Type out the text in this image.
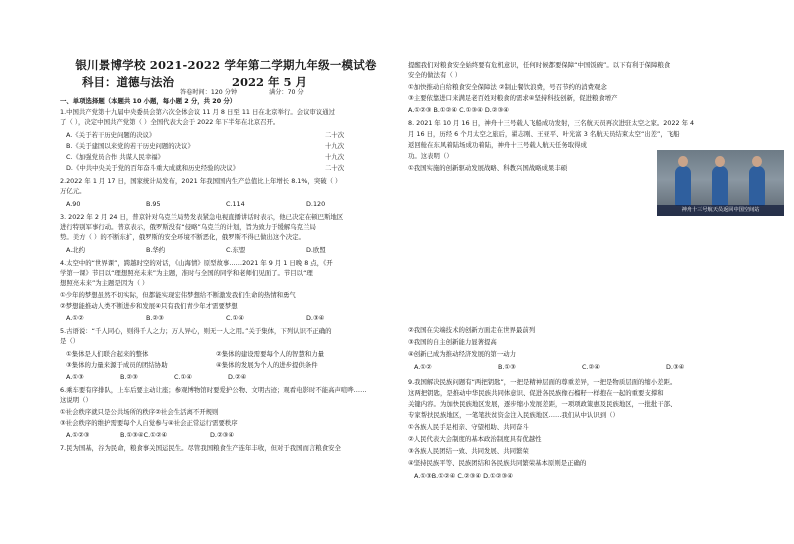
银川景博学校 2021-2022 学年第二学期九年级一模试卷
科目：道德与法治	2022 年 5 月
答卷时间：120 分钟	满分：70 分
一、单项选择题（本题共 10 小题，每小题 2 分，共 20 分）
1.中国共产党第十九届中央委员会第六次全体会议 11 月 8 日至 11 日在北京举行。会议审议通过
了（ ），决定中国共产党第（ ）全国代表大会于 2022 年下半年在北京召开。
A.《关于若干历史问题的决议》	二十次
B.《关于建国以来党的若干历史问题的决议》	十九次
C.《加强党员合作 共谋人民幸福》	十九次
D.《中共中央关于党的百年奋斗重大成就和历史经验的决议》	二十次
2.2022 年 1 月 17 日，国家统计局发布，2021 年我国国内生产总值比上年增长 8.1%，突破（ ）
万亿元。
A.90	B.95	C.114	D.120
3. 2022 年 2 月 24 日，普京针对乌克兰局势发表紧急电视直播讲话时表示，他已决定在顿巴斯地区
进行特别军事行动。普京表示，俄罗斯没有“侵略”乌克兰的计划，旨为致力于缓解乌克兰局
势。美方（ ）的不断东扩，俄罗斯的安全环境不断恶化，俄罗斯不得已做出这个决定。
A.北约	B.华约	C.东盟	D.欧盟
4.太空中的“世界课”，跨越时空的对话，《山海情》原型故事……2021 年 9 月 1 日晚 8 点，《开
学第一课》节目以“理想照亮未来”为主题，准时与全国的同学和老师们见面了。节目以“理
想照亮未来”为主题是因为（ ）
①少年的梦想虽然不切实际，但都能实现宏伟梦想给不断激发我们生命的热情和勇气
②梦想能推动人类不断进步和发展④只有我们青少年才需要梦想
A.①②	B.②③	C.①④	D.③④
5.古语说：“千人同心，则得千人之力；万人异心，则无一人之用。”关于集体，下列认识不正确的
是（）
①集体是人们联合起来的整体	②集体的建设需要每个人的智慧和力量
③集体的力量来源于成员的团结协助	④集体的发展为个人的进步提供条件
A.①③	B.②③	C.①④	D.②④
6.乘车要有序排队，上车后要主动让座；参观博物馆时要爱护公物、文明古迹；观看电影时不能高声喧哗……
这说明（）
①社会秩序就只是公共场所的秩序②社会生活离不开规则
③社会秩序的维护需要每个人自觉参与④社会正常运行需要秩序
A.①②③	B.①③④C.①②④	D.②③④
7.民为国基，谷为民命，粮食事关国运民生。尽管我国粮食生产连年丰收，但对于我国而言粮食安全
提醒我们对粮食安全始终要有危机意识，任何时候都要保障“中国饭碗”。以下有利于保障粮食
安全的做法有（ ）
①加快推动自给粮食安全保障法 ②制止餐饮浪费，号召节约的消费观念
③主要依靠进口来满足老百姓对粮食的需求④坚持科技创新，促进粮食增产
A.①②③ B.①②④ C.①③④ D.②③④
8. 2021 年 10 月 16 日，神舟十三号载人飞船成功发射，三名航天员再次进驻太空之家。2022 年 4
月 16 日，历经 6 个月太空之旅后，翟志刚、王亚平、叶光富 3 名航天员结束太空“出差”，飞船
返回舱在东风着陆场成功着陆，神舟十三号载人航天任务取得成
功。这表明（）
①我国实施的创新驱动发展战略、科教兴国战略成果丰硕
②我国在尖端技术的创新方面走在世界最前列
③我国的自主创新能力显著提高
④创新已成为推动经济发展的第一动力
A.①②	B.①③	C.②④	D.③④
9.我国解决民族问题有“两把钥匙”，一把是精神层面的尊重差异，一把是物质层面的缩小差距。
这两把钥匙，是推动中华民族共同体意识、促进各民族像石榴籽一样抱在一起的重要支撑和
关键内容。为加快民族地区发展，逐步缩小发展差距，一项项政策惠及民族地区，一批批干部、
专家帮扶民族地区，一笔笔扶贫资金注入民族地区……我们从中认识到（）
①各族人民手足相亲、守望相助、共同奋斗
②人民代表大会制度的基本政治制度具有优越性
③各族人民团结一致、共同发展、共同繁荣
④坚持民族平等、民族团结和各民族共同繁荣基本原则是正确的
A.①③B.①②④ C.②③④ D.①②③④
神舟十三号航天员返回中国空间站
